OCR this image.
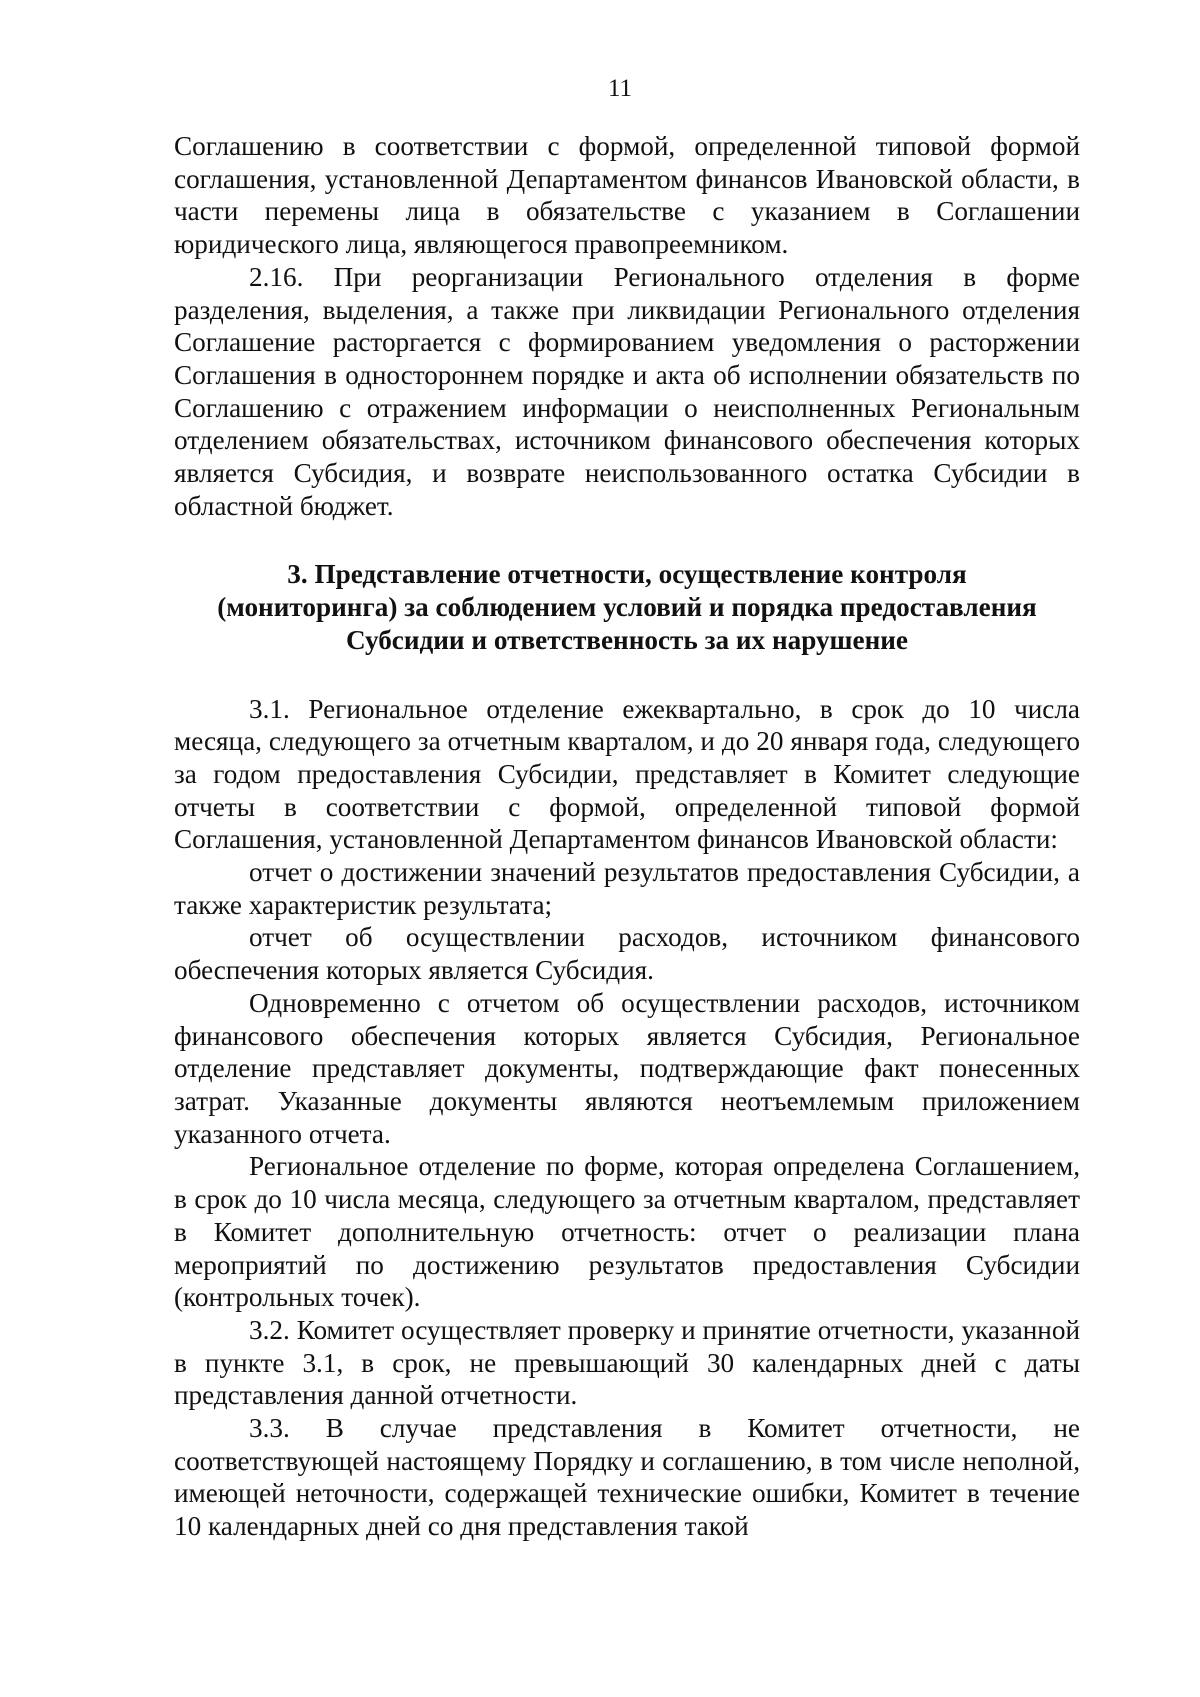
11

Соглашению в соответствии с формой, определенной типовой формой соглашения, установленной Департаментом финансов Ивановской области, в части перемены лица в обязательстве с указанием в Соглашении юридического лица, являющегося правопреемником.

2.16. При реорганизации Регионального отделения в форме разделения, выделения, а также при ликвидации Регионального отделения Соглашение расторгается с формированием уведомления о расторжении Соглашения в одностороннем порядке и акта об исполнении обязательств по Соглашению с отражением информации о неисполненных Региональным отделением обязательствах, источником финансового обеспечения которых является Субсидия, и возврате неиспользованного остатка Субсидии в областной бюджет.

3. Представление отчетности, осуществление контроля (мониторинга) за соблюдением условий и порядка предоставления Субсидии и ответственность за их нарушение

3.1. Региональное отделение ежеквартально, в срок до 10 числа месяца, следующего за отчетным кварталом, и до 20 января года, следующего за годом предоставления Субсидии, представляет в Комитет следующие отчеты в соответствии с формой, определенной типовой формой Соглашения, установленной Департаментом финансов Ивановской области:

отчет о достижении значений результатов предоставления Субсидии, а также характеристик результата;

отчет об осуществлении расходов, источником финансового обеспечения которых является Субсидия.

Одновременно с отчетом об осуществлении расходов, источником финансового обеспечения которых является Субсидия, Региональное отделение представляет документы, подтверждающие факт понесенных затрат. Указанные документы являются неотъемлемым приложением указанного отчета.

Региональное отделение по форме, которая определена Соглашением, в срок до 10 числа месяца, следующего за отчетным кварталом, представляет в Комитет дополнительную отчетность: отчет о реализации плана мероприятий по достижению результатов предоставления Субсидии (контрольных точек).

3.2. Комитет осуществляет проверку и принятие отчетности, указанной в пункте 3.1, в срок, не превышающий 30 календарных дней с даты представления данной отчетности.

3.3. В случае представления в Комитет отчетности, не соответствующей настоящему Порядку и соглашению, в том числе неполной, имеющей неточности, содержащей технические ошибки, Комитет в течение 10 календарных дней со дня представления такой
